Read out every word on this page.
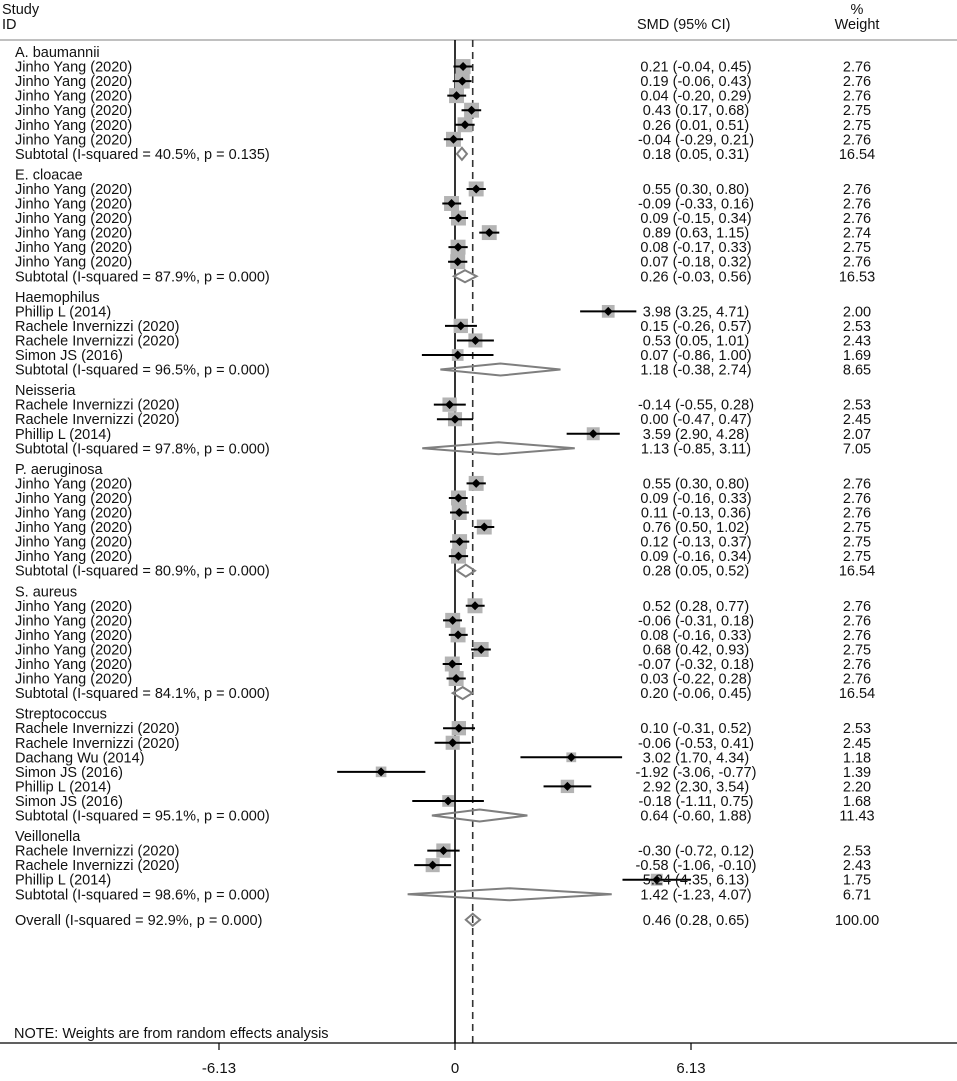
Study
ID	SMD (95% CI)
%
Weight
A. baumannii
Jinho Yang (2020)	0.21 (-0.04, 0.45)	2.76
Jinho Yang (2020)	0.19 (-0.06, 0.43)	2.76
Jinho Yang (2020)	0.04 (-0.20, 0.29)	2.76
Jinho Yang (2020)	0.43 (0.17, 0.68)	2.75
Jinho Yang (2020)	0.26 (0.01, 0.51)	2.75
Jinho Yang (2020)	-0.04 (-0.29, 0.21)	2.76
Subtotal (I-squared = 40.5%, p = 0.135)	0.18 (0.05, 0.31)	16.54
E. cloacae
Jinho Yang (2020)	0.55 (0.30, 0.80)	2.76
Jinho Yang (2020)	-0.09 (-0.33, 0.16)	2.76
Jinho Yang (2020)	0.09 (-0.15, 0.34)	2.76
Jinho Yang (2020)	0.89 (0.63, 1.15)	2.74
Jinho Yang (2020)	0.08 (-0.17, 0.33)	2.75
Jinho Yang (2020)	0.07 (-0.18, 0.32)	2.76
Subtotal (I-squared = 87.9%, p = 0.000)	0.26 (-0.03, 0.56)	16.53
Haemophilus
Phillip L (2014)	3.98 (3.25, 4.71)	2.00
Rachele Invernizzi (2020)	0.15 (-0.26, 0.57)	2.53
Rachele Invernizzi (2020)	0.53 (0.05, 1.01)	2.43
Simon JS (2016)	0.07 (-0.86, 1.00)	1.69
Subtotal (I-squared = 96.5%, p = 0.000)	1.18 (-0.38, 2.74)	8.65
Neisseria
Rachele Invernizzi (2020)	-0.14 (-0.55, 0.28)	2.53
Rachele Invernizzi (2020)	0.00 (-0.47, 0.47)	2.45
Phillip L (2014)	3.59 (2.90, 4.28)	2.07
Subtotal (I-squared = 97.8%, p = 0.000)	1.13 (-0.85, 3.11)	7.05
P. aeruginosa
Jinho Yang (2020)	0.55 (0.30, 0.80)	2.76
Jinho Yang (2020)	0.09 (-0.16, 0.33)	2.76
Jinho Yang (2020)	0.11 (-0.13, 0.36)	2.76
Jinho Yang (2020)	0.76 (0.50, 1.02)	2.75
Jinho Yang (2020)	0.12 (-0.13, 0.37)	2.75
Jinho Yang (2020)	0.09 (-0.16, 0.34)	2.75
Subtotal (I-squared = 80.9%, p = 0.000)	0.28 (0.05, 0.52)	16.54
S. aureus
Jinho Yang (2020)	0.52 (0.28, 0.77)	2.76
Jinho Yang (2020)	-0.06 (-0.31, 0.18)	2.76
Jinho Yang (2020)	0.08 (-0.16, 0.33)	2.76
Jinho Yang (2020)	0.68 (0.42, 0.93)	2.75
Jinho Yang (2020)	-0.07 (-0.32, 0.18)	2.76
Jinho Yang (2020)	0.03 (-0.22, 0.28)	2.76
Subtotal (I-squared = 84.1%, p = 0.000)	0.20 (-0.06, 0.45)	16.54
Streptococcus
Rachele Invernizzi (2020)	0.10 (-0.31, 0.52)	2.53
Rachele Invernizzi (2020)	-0.06 (-0.53, 0.41)	2.45
Dachang Wu (2014)	3.02 (1.70, 4.34)	1.18
Simon JS (2016)	-1.92 (-3.06, -0.77)	1.39
Phillip L (2014)	2.92 (2.30, 3.54)	2.20
Simon JS (2016)	-0.18 (-1.11, 0.75)	1.68
Subtotal (I-squared = 95.1%, p = 0.000)	0.64 (-0.60, 1.88)	11.43
Veillonella
Rachele Invernizzi (2020)	-0.30 (-0.72, 0.12)	2.53
Rachele Invernizzi (2020)	-0.58 (-1.06, -0.10)	2.43
Phillip L (2014)	5.24 (4.35, 6.13)	1.75
Subtotal (I-squared = 98.6%, p = 0.000)	1.42 (-1.23, 4.07)	6.71
Overall (I-squared = 92.9%, p = 0.000)	0.46 (0.28, 0.65)	100.00
-6.13	0	6.13
NOTE: Weights are from random effects analysis
